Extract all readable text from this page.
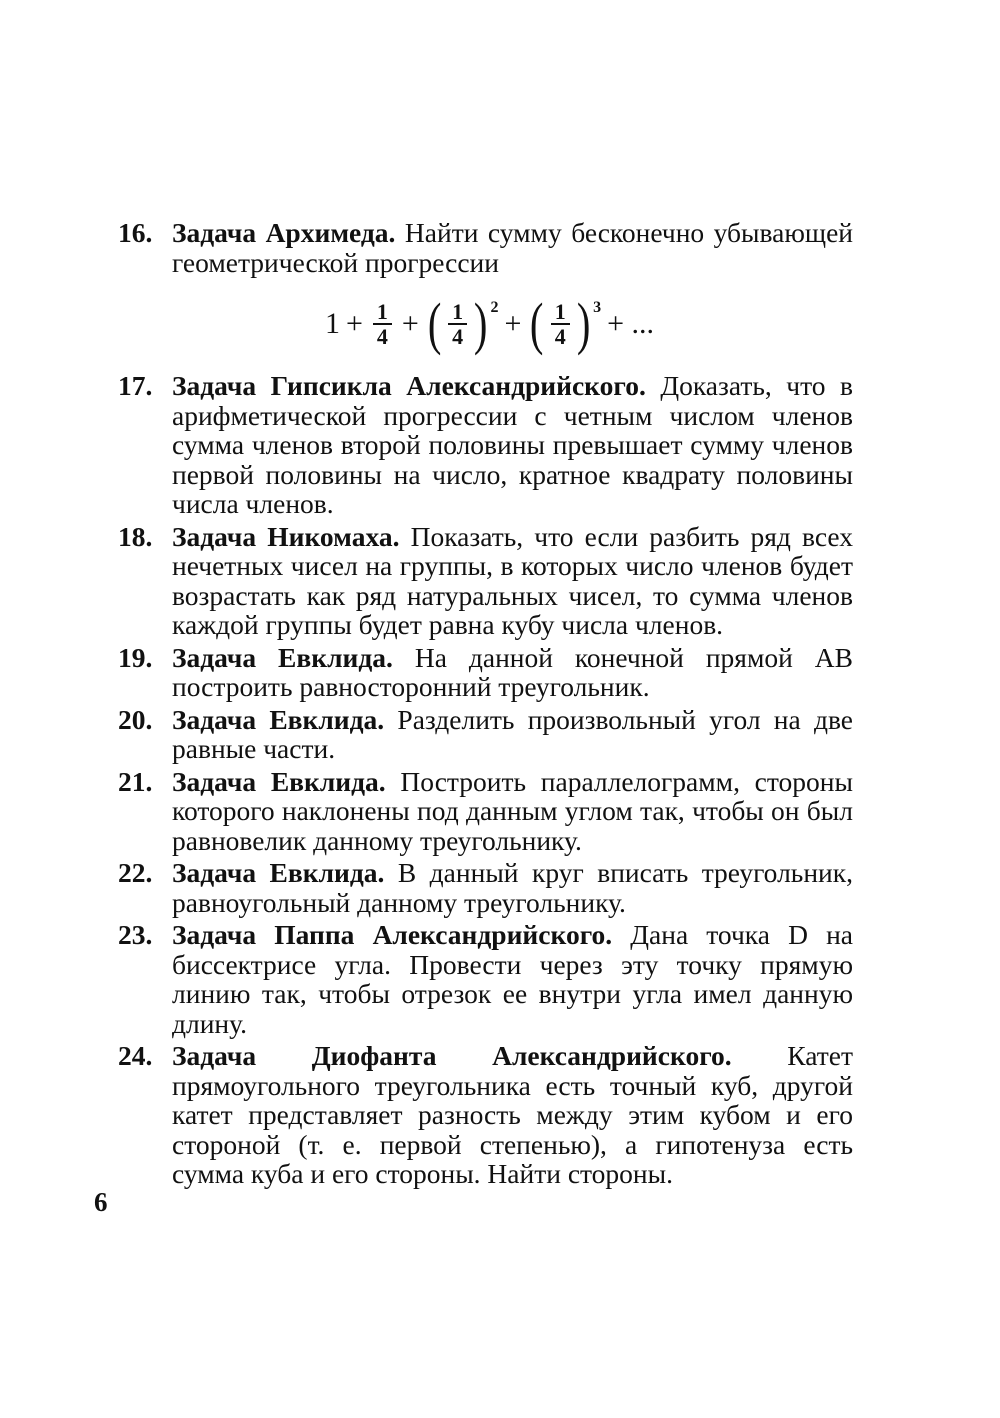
16. Задача Архимеда. Найти сумму бесконечно убывающей геометрической прогрессии
$1 + \frac{1}{4}$ + ( $\frac{1}{4}$ ) 2 + ( $\frac{1}{4}$ ) 3 + ...
17. Задача Гипсикла Александрийского. Доказать, что в арифметической прогрессии с четным числом членов сумма членов второй половины превышает сумму членов первой половины на число, кратное квадрату половины числа членов.
18. Задача Никомаха. Показать, что если разбить ряд всех нечетных чисел на группы, в которых число членов будет возрастать как ряд натуральных чисел, то сумма членов каждой группы будет равна кубу числа членов.
19. Задача Евклида. На данной конечной прямой AB построить равносторонний треугольник.
20. Задача Евклида. Разделить произвольный угол на две равные части.
21. Задача Евклида. Построить параллелограмм, стороны которого наклонены под данным углом так, чтобы он был равновелик данному треугольнику.
22. Задача Евклида. В данный круг вписать треугольник, равноугольный данному треугольнику.
23. Задача Паппа Александрийского. Дана точка D на биссектрисе угла. Провести через эту точку прямую линию так, чтобы отрезок ее внутри угла имел данную длину.
24. Задача Диофанта Александрийского. Катет прямоугольного треугольника есть точный куб, другой катет представляет разность между этим кубом и его стороной (т. е. первой степенью), а гипотенуза есть сумма куба и его стороны. Найти стороны.
6
